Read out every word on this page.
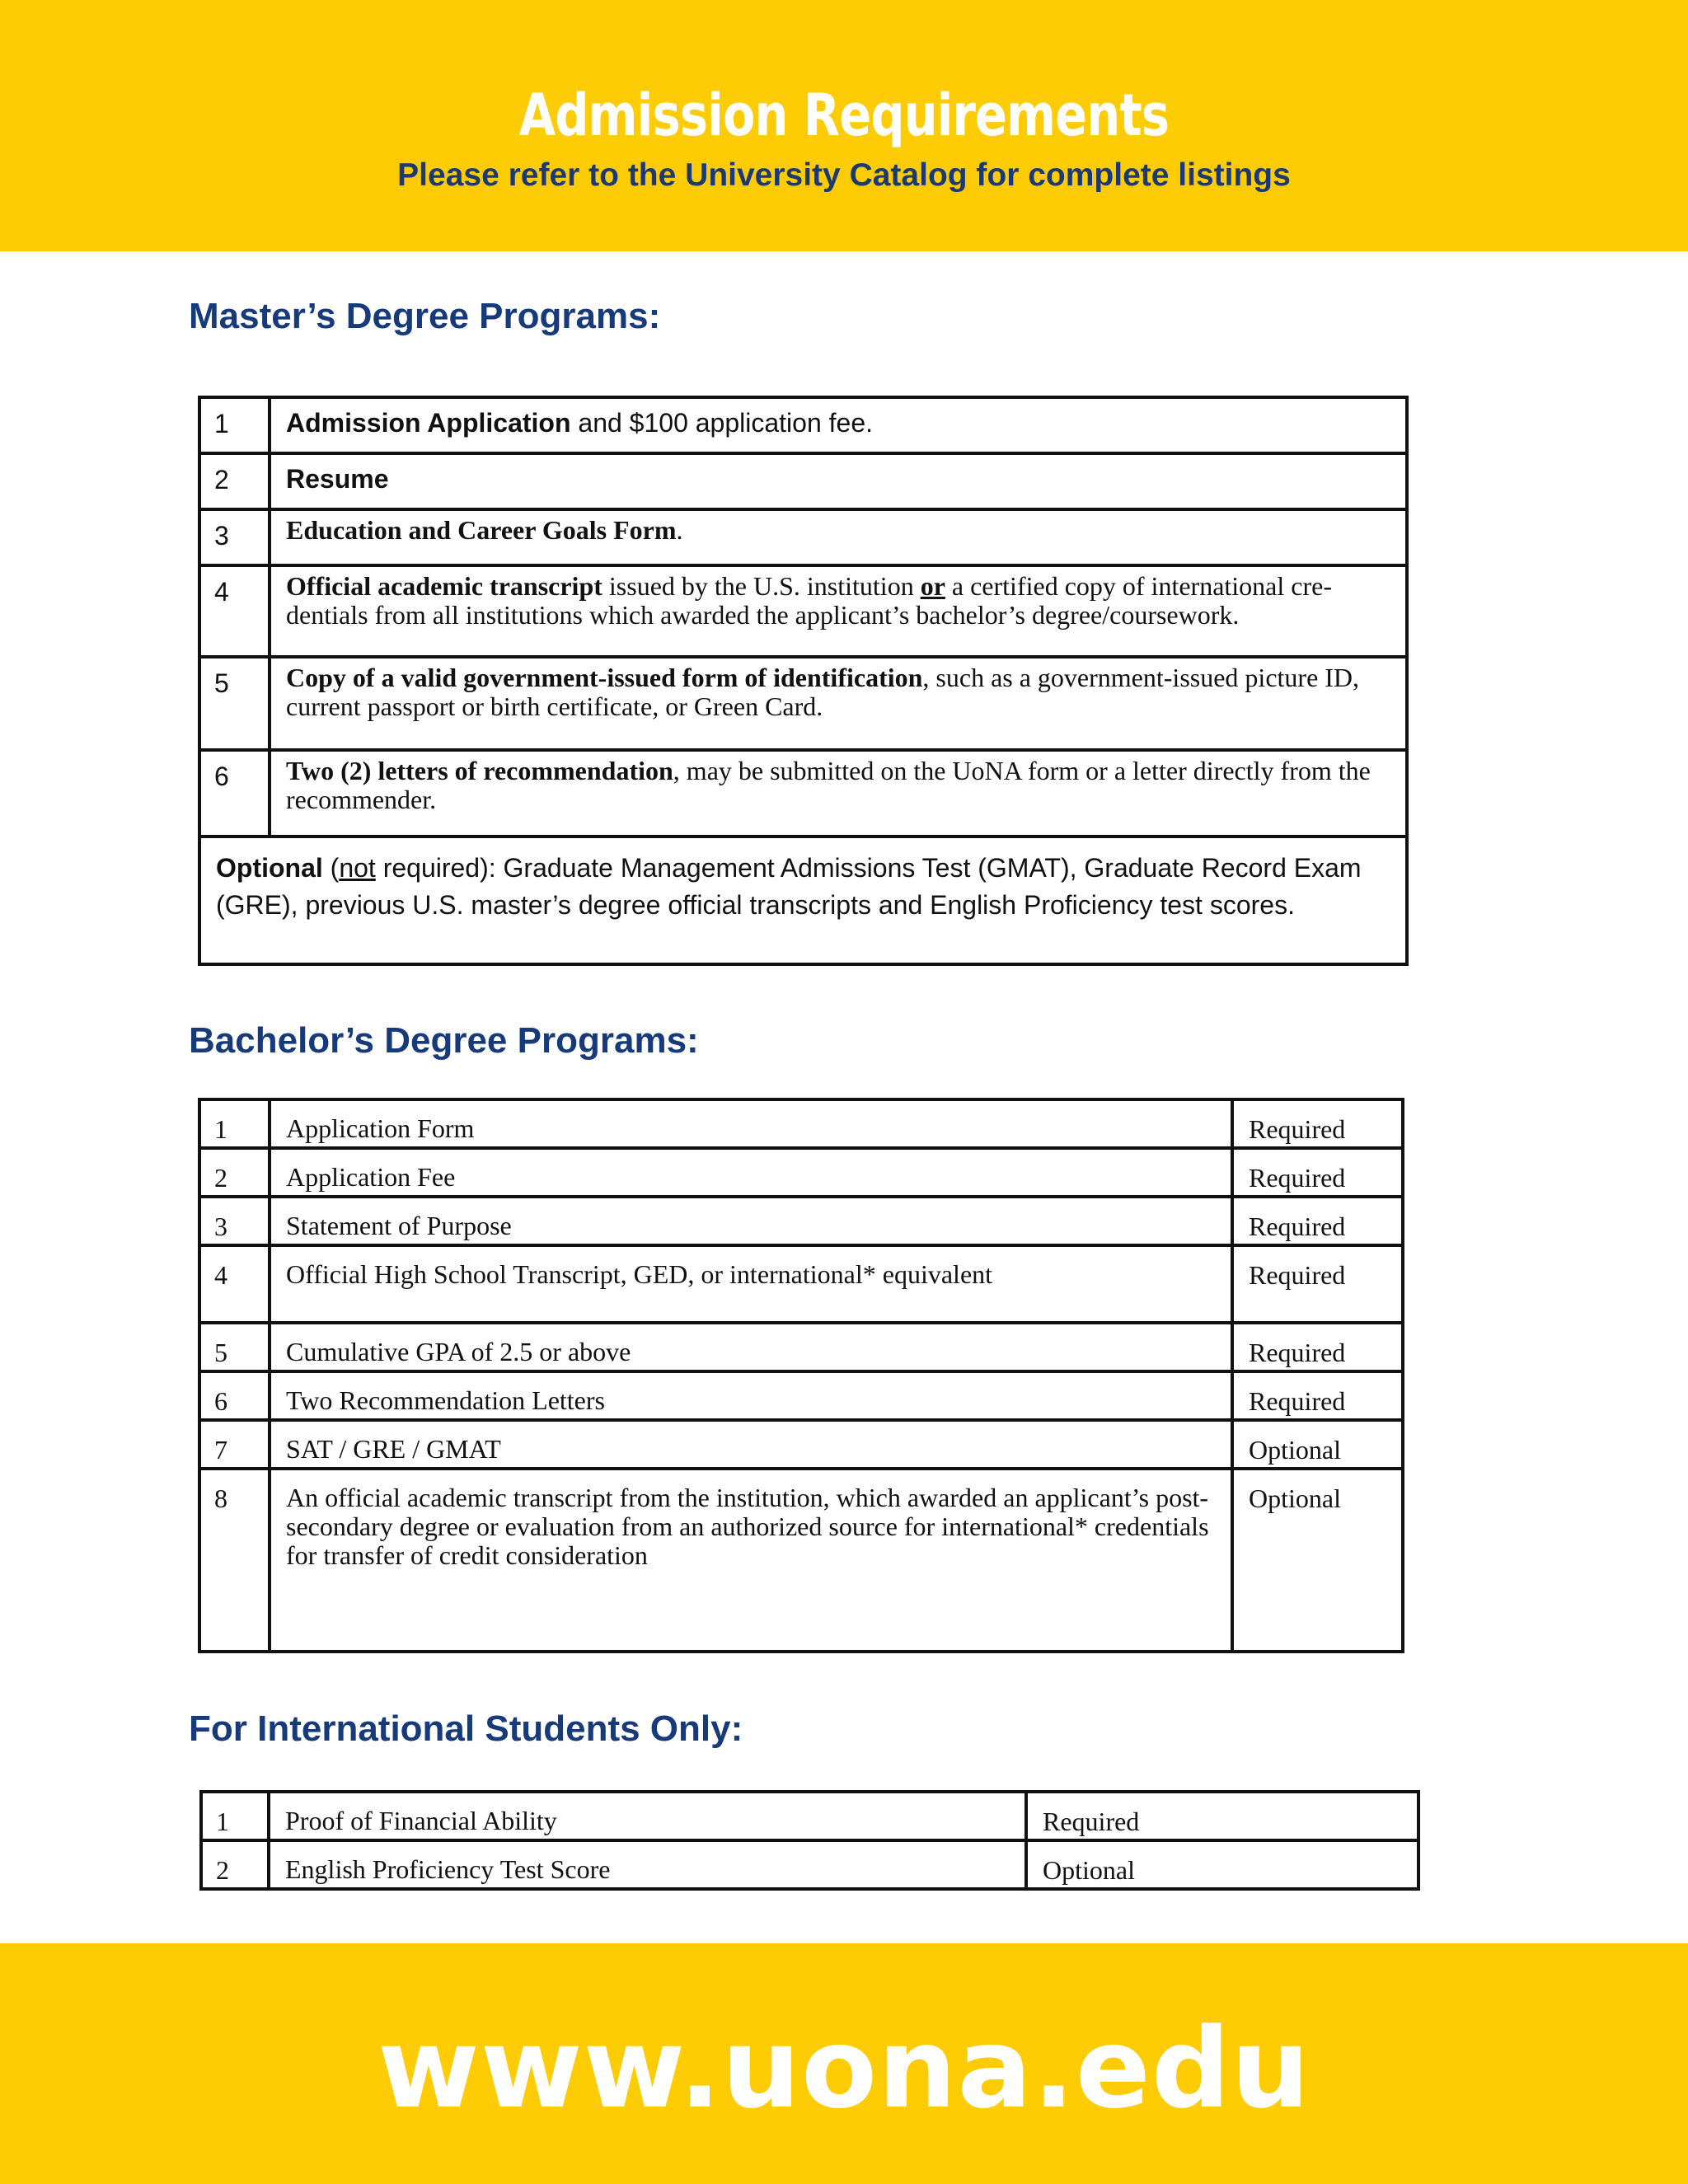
Admission Requirements
Please refer to the University Catalog for complete listings
Master’s Degree Programs:
1	Admission Application and $100 application fee.
2	Resume
3	Education and Career Goals Form.
4	Official academic transcript issued by the U.S. institution or a certified copy of international cre-dentials from all institutions which awarded the applicant’s bachelor’s degree/coursework.
5	Copy of a valid government-issued form of identification, such as a government-issued picture ID, current passport or birth certificate, or Green Card.
6	Two (2) letters of recommendation, may be submitted on the UoNA form or a letter directly from the recommender.
Optional (not required): Graduate Management Admissions Test (GMAT), Graduate Record Exam (GRE), previous U.S. master’s degree official transcripts and English Proficiency test scores.	
Bachelor’s Degree Programs:
1	Application Form	Required
2	Application Fee	Required
3	Statement of Purpose	Required
4	Official High School Transcript, GED, or international* equivalent	Required
5	Cumulative GPA of 2.5 or above	Required
6	Two Recommendation Letters	Required
7	SAT / GRE / GMAT	Optional
8	An official academic transcript from the institution, which awarded an applicant’s post-secondary degree or evaluation from an authorized source for international* credentials for transfer of credit consideration	Optional
For International Students Only:
1	Proof of Financial Ability	Required
2	English Proficiency Test Score	Optional
www.uona.edu
